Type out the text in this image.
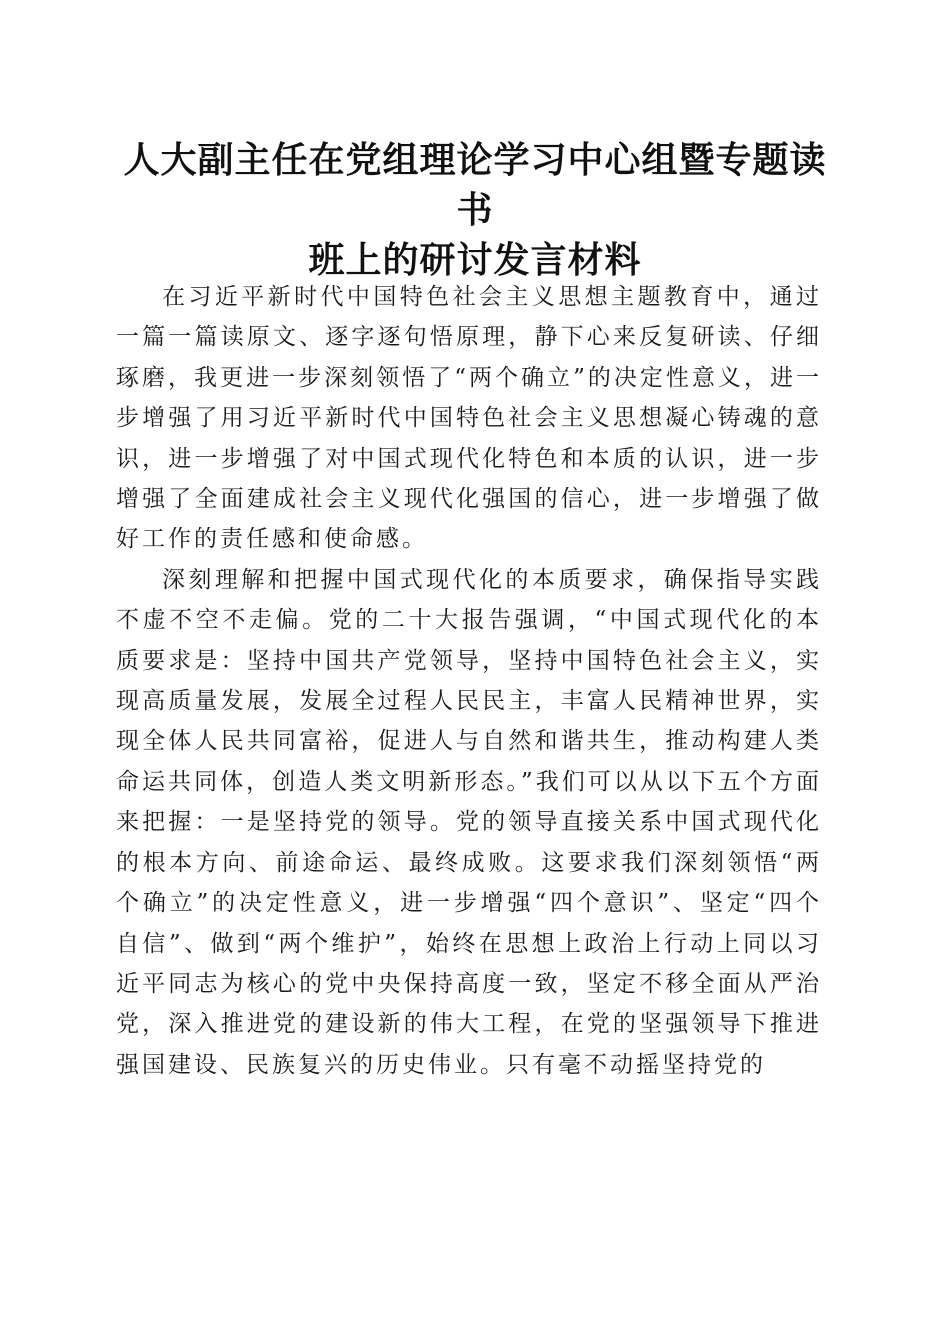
人大副主任在党组理论学习中心组暨专题读书
班上的研讨发言材料

在习近平新时代中国特色社会主义思想主题教育中，通过一篇一篇读原文、逐字逐句悟原理，静下心来反复研读、仔细琢磨，我更进一步深刻领悟了“两个确立”的决定性意义，进一步增强了用习近平新时代中国特色社会主义思想凝心铸魂的意识，进一步增强了对中国式现代化特色和本质的认识，进一步增强了全面建成社会主义现代化强国的信心，进一步增强了做好工作的责任感和使命感。

深刻理解和把握中国式现代化的本质要求，确保指导实践不虚不空不走偏。党的二十大报告强调，“中国式现代化的本质要求是：坚持中国共产党领导，坚持中国特色社会主义，实现高质量发展，发展全过程人民民主，丰富人民精神世界，实现全体人民共同富裕，促进人与自然和谐共生，推动构建人类命运共同体，创造人类文明新形态。”我们可以从以下五个方面来把握：一是坚持党的领导。党的领导直接关系中国式现代化的根本方向、前途命运、最终成败。这要求我们深刻领悟“两个确立”的决定性意义，进一步增强“四个意识”、坚定“四个自信”、做到“两个维护”，始终在思想上政治上行动上同以习近平同志为核心的党中央保持高度一致，坚定不移全面从严治党，深入推进党的建设新的伟大工程，在党的坚强领导下推进强国建设、民族复兴的历史伟业。只有毫不动摇坚持党的
